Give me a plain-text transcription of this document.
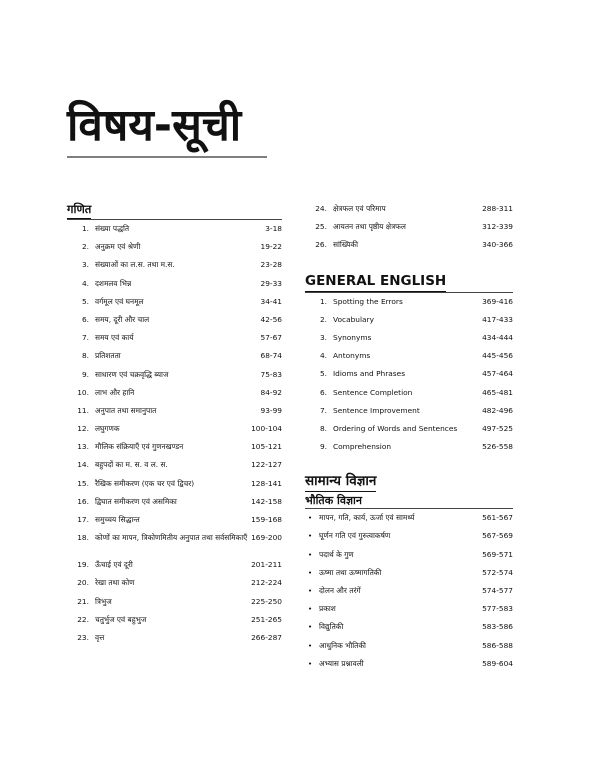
विषय-सूची
गणित
1. संख्या पद्धति	3-18
2. अनुक्रम एवं श्रेणी	19-22
3. संख्याओं का ल.स. तथा म.स.	23-28
4. दशमलव भिन्न	29-33
5. वर्गमूल एवं घनमूल	34-41
6. समय, दूरी और चाल	42-56
7. समय एवं कार्य	57-67
8. प्रतिशतता	68-74
9. साधारण एवं चक्रवृद्धि ब्याज	75-83
10. लाभ और हानि	84-92
11. अनुपात तथा समानुपात	93-99
12. लघुगणक	100-104
13. मौलिक संक्रियाएँ एवं गुणनखण्डन	105-121
14. बहुपदों का म. स. व ल. स.	122-127
15. रैखिक समीकरण (एक चर एवं द्विचर)	128-141
16. द्विघात समीकरण एवं असमिका	142-158
17. समुच्चय सिद्धान्त	159-168
18. कोणों का मापन, त्रिकोणमितीय अनुपात तथा सर्वसमिकाएँ 169-200
19. ऊँचाई एवं दूरी	201-211
20. रेखा तथा कोण	212-224
21. त्रिभुज	225-250
22. चतुर्भुज एवं बहुभुज	251-265
23. वृत्त	266-287
24. क्षेत्रफल एवं परिमाप	288-311
25. आयतन तथा पृष्ठीय क्षेत्रफल	312-339
26. सांख्यिकी	340-366
GENERAL ENGLISH
1. Spotting the Errors	369-416
2. Vocabulary	417-433
3. Synonyms	434-444
4. Antonyms	445-456
5. Idioms and Phrases	457-464
6. Sentence Completion	465-481
7. Sentence Improvement	482-496
8. Ordering of Words and Sentences	497-525
9. Comprehension	526-558
सामान्य विज्ञान
भौतिक विज्ञान
• मापन, गति, कार्य, ऊर्जा एवं सामर्थ्य	561-567
• घूर्णन गति एवं गुरुत्वाकर्षण	567-569
• पदार्थ के गुण	569-571
• ऊष्मा तथा ऊष्मागतिकी	572-574
• दोलन और तरंगें	574-577
• प्रकाश	577-583
• विद्युतिकी	583-586
• आधुनिक भौतिकी	586-588
• अभ्यास प्रश्नावली	589-604
